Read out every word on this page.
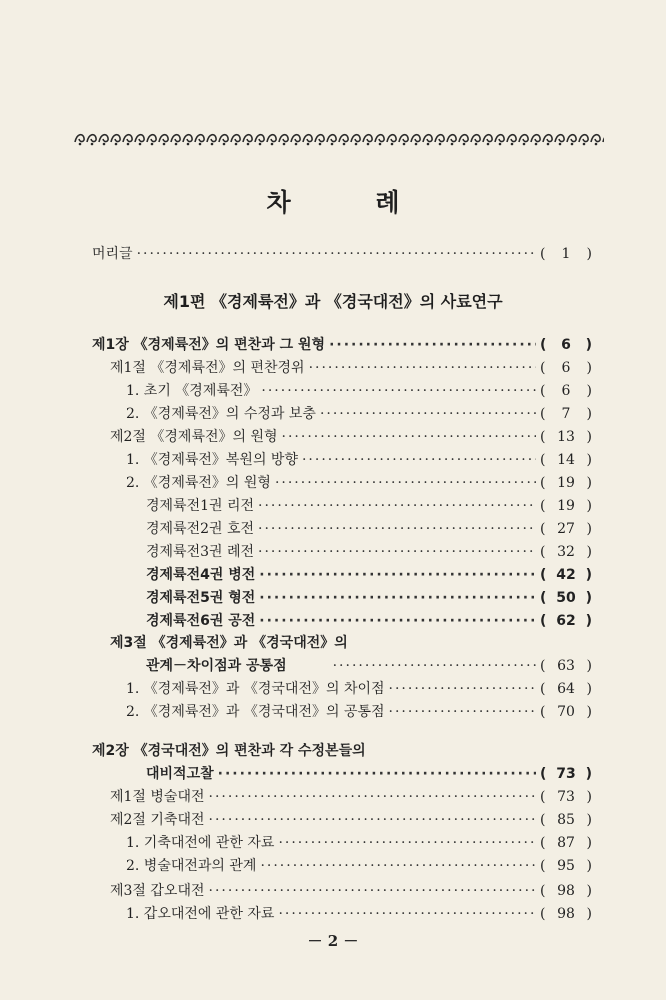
차 례
머리글 ·····	(	1	)
제1편 《경제륙전》과 《경국대전》의 사료연구
제1장 《경제륙전》의 편찬과 그 원형 ·····	(	6	)
제1절 《경제륙전》의 편찬경위 ·····	(	6	)
1. 초기 《경제륙전》 ·····	(	6	)
2. 《경제륙전》의 수정과 보충 ·····	(	7	)
제2절 《경제륙전》의 원형 ·····	( 13 )
1. 《경제륙전》복원의 방향 ·····	( 14 )
2. 《경제륙전》의 원형 ·····	( 19 )
경제륙전1권 리전 ·····	( 19 )
경제륙전2권 호전 ·····	( 27 )
경제륙전3권 례전 ·····	( 32 )
경제륙전4권 병전 ·····	( 42 )
경제륙전5권 형전 ·····	( 50 )
경제륙전6권 공전 ·····	( 62 )
제3절 《경제륙전》과 《경국대전》의
관계－차이점과 공통점 ·····	( 63 )
1. 《경제륙전》과 《경국대전》의 차이점 ·····	( 64 )
2. 《경제륙전》과 《경국대전》의 공통점 ·····	( 70 )
제2장 《경국대전》의 편찬과 각 수정본들의
대비적고찰 ·····	( 73 )
제1절 병술대전 ·····	( 73 )
제2절 기축대전 ·····	( 85 )
1. 기축대전에 관한 자료 ·····	( 87 )
2. 병술대전과의 관계 ·····	( 95 )
제3절 갑오대전 ·····	( 98 )
1. 갑오대전에 관한 자료 ·····	( 98 )
－ 2 －
